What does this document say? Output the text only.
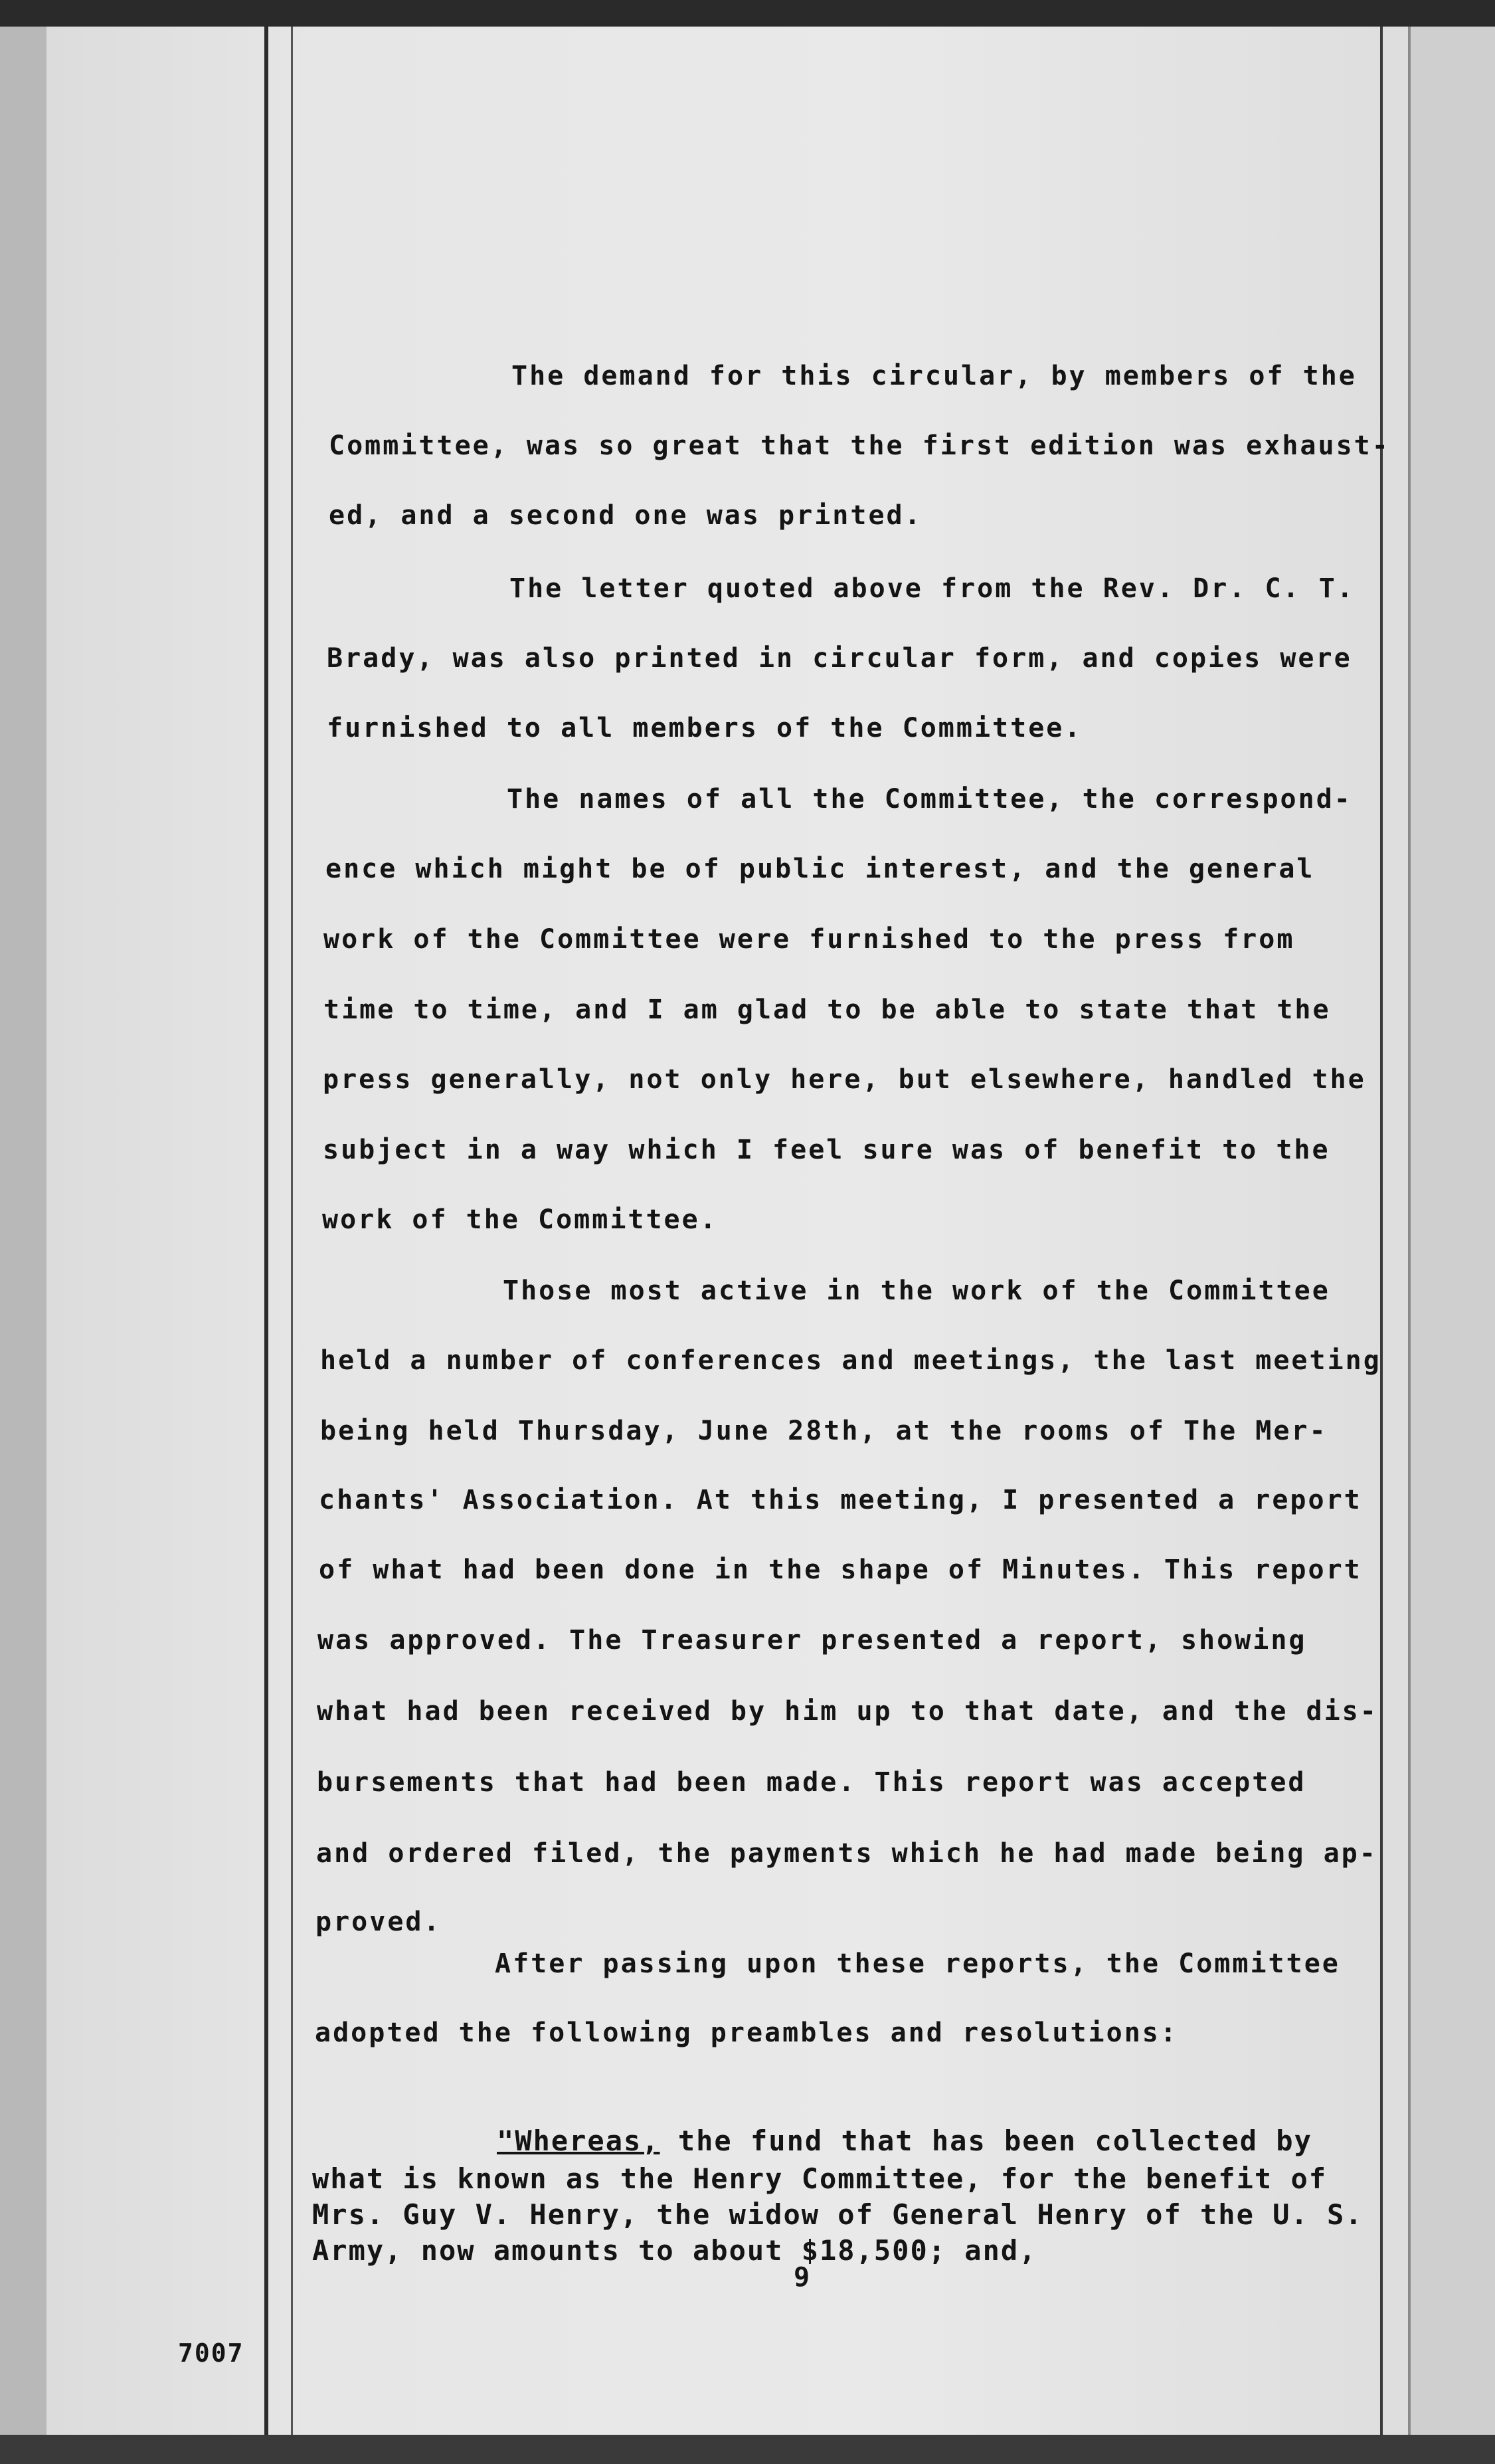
The demand for this circular, by members of the
Committee, was so great that the first edition was exhaust-
ed, and a second one was printed.
The letter quoted above from the Rev. Dr. C. T.
Brady, was also printed in circular form, and copies were
furnished to all members of the Committee.
The names of all the Committee, the correspond-
ence which might be of public interest, and the general
work of the Committee were furnished to the press from
time to time, and I am glad to be able to state that the
press generally, not only here, but elsewhere, handled the
subject in a way which I feel sure was of benefit to the
work of the Committee.
Those most active in the work of the Committee
held a number of conferences and meetings, the last meeting
being held Thursday, June 28th, at the rooms of The Mer-
chants' Association. At this meeting, I presented a report
of what had been done in the shape of Minutes. This report
was approved. The Treasurer presented a report, showing
what had been received by him up to that date, and the dis-
bursements that had been made. This report was accepted
and ordered filed, the payments which he had made being ap-
proved.
After passing upon these reports, the Committee
adopted the following preambles and resolutions:
"Whereas, the fund that has been collected by
what is known as the Henry Committee, for the benefit of
Mrs. Guy V. Henry, the widow of General Henry of the U. S.
Army, now amounts to about $18,500; and,
9
7007
